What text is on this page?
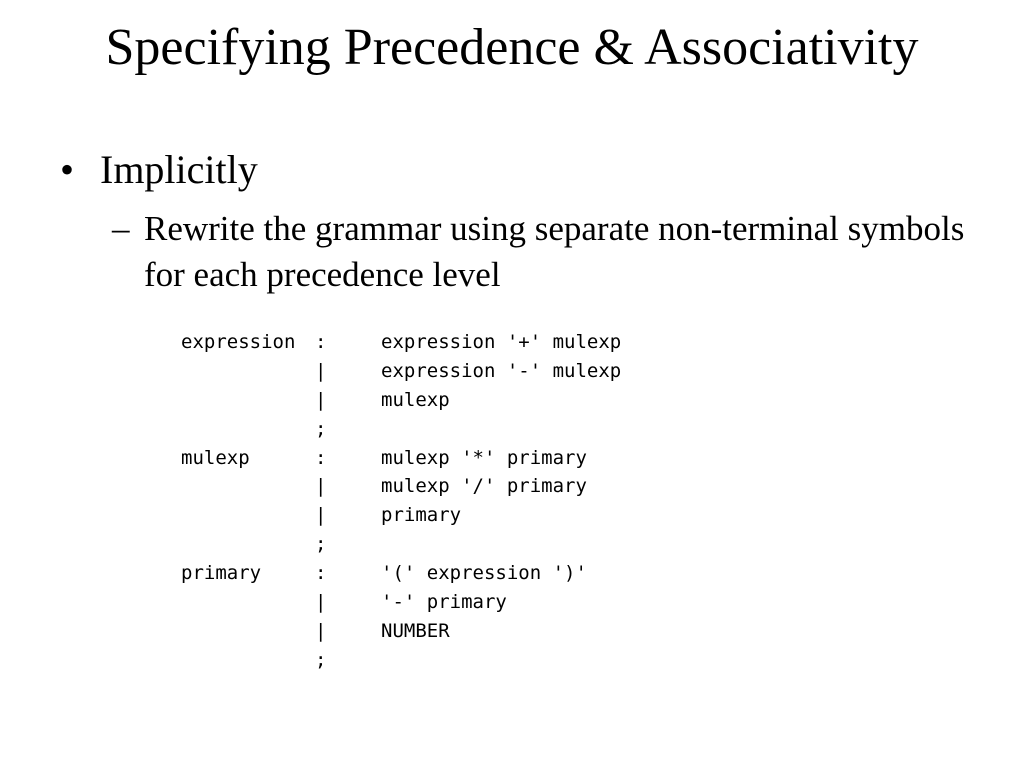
Specifying Precedence & Associativity
• Implicitly
– Rewrite the grammar using separate non-terminal symbols for each precedence level
expression :	expression '+' mulexp
|	expression '-' mulexp
|	mulexp
;
mulexp	:	mulexp '*' primary
|	mulexp '/' primary
|	primary
;
primary	:	'(' expression ')'
|	'-' primary
|	NUMBER
;
